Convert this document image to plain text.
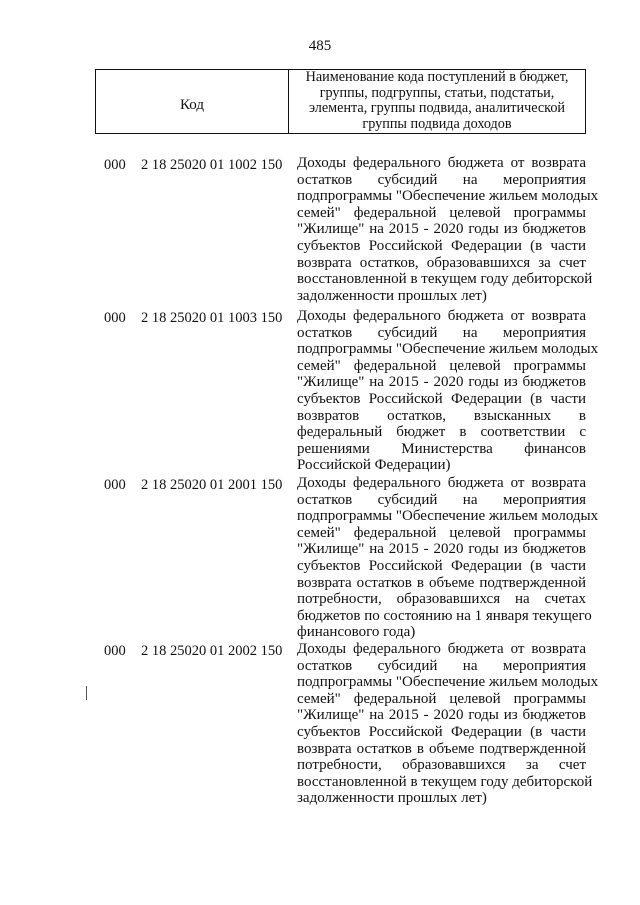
485
Код
Наименование кода поступлений в бюджет,
группы, подгруппы, статьи, подстатьи,
элемента, группы подвида, аналитической
группы подвида доходов
000 2 18 25020 01 1002 150 Доходы федерального бюджета от возврата
остатков субсидий на мероприятия
подпрограммы "Обеспечение жильем молодых
семей" федеральной целевой программы
"Жилище" на 2015 - 2020 годы из бюджетов
субъектов Российской Федерации (в части
возврата остатков, образовавшихся за счет
восстановленной в текущем году дебиторской
задолженности прошлых лет)
000 2 18 25020 01 1003 150 Доходы федерального бюджета от возврата
остатков субсидий на мероприятия
подпрограммы "Обеспечение жильем молодых
семей" федеральной целевой программы
"Жилище" на 2015 - 2020 годы из бюджетов
субъектов Российской Федерации (в части
возвратов остатков, взысканных в
федеральный бюджет в соответствии с
решениями Министерства финансов
Российской Федерации)
000 2 18 25020 01 2001 150 Доходы федерального бюджета от возврата
остатков субсидий на мероприятия
подпрограммы "Обеспечение жильем молодых
семей" федеральной целевой программы
"Жилище" на 2015 - 2020 годы из бюджетов
субъектов Российской Федерации (в части
возврата остатков в объеме подтвержденной
потребности, образовавшихся на счетах
бюджетов по состоянию на 1 января текущего
финансового года)
000 2 18 25020 01 2002 150 Доходы федерального бюджета от возврата
остатков субсидий на мероприятия
подпрограммы "Обеспечение жильем молодых
семей" федеральной целевой программы
"Жилище" на 2015 - 2020 годы из бюджетов
субъектов Российской Федерации (в части
возврата остатков в объеме подтвержденной
потребности, образовавшихся за счет
восстановленной в текущем году дебиторской
задолженности прошлых лет)
